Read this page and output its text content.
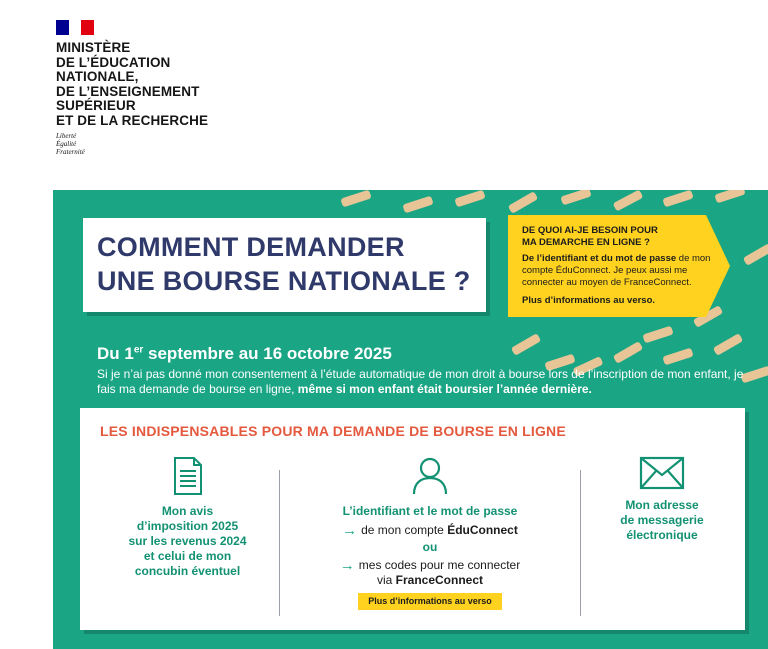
MINISTÈRE
DE L’ÉDUCATION
NATIONALE,
DE L’ENSEIGNEMENT
SUPÉRIEUR
ET DE LA RECHERCHE
Liberté
Égalité
Fraternité
COMMENT DEMANDER
UNE BOURSE NATIONALE ?
DE QUOI AI-JE BESOIN POUR
MA DEMARCHE EN LIGNE ?
De l’identifiant et du mot de passe de mon compte ÉduConnect. Je peux aussi me connecter au moyen de FranceConnect.
Plus d’informations au verso.
Du 1er septembre au 16 octobre 2025
Si je n’ai pas donné mon consentement à l’étude automatique de mon droit à bourse lors de l’inscription de mon enfant, je fais ma demande de bourse en ligne, même si mon enfant était boursier l’année dernière.
LES INDISPENSABLES POUR MA DEMANDE DE BOURSE EN LIGNE
Mon avis
d’imposition 2025
sur les revenus 2024
et celui de mon
concubin éventuel
L’identifiant et le mot de passe
→ de mon compte
ÉduConnect
ou
→ mes codes pour me connecter
via FranceConnect
Plus d’informations au verso
Mon adresse
de messagerie
électronique
